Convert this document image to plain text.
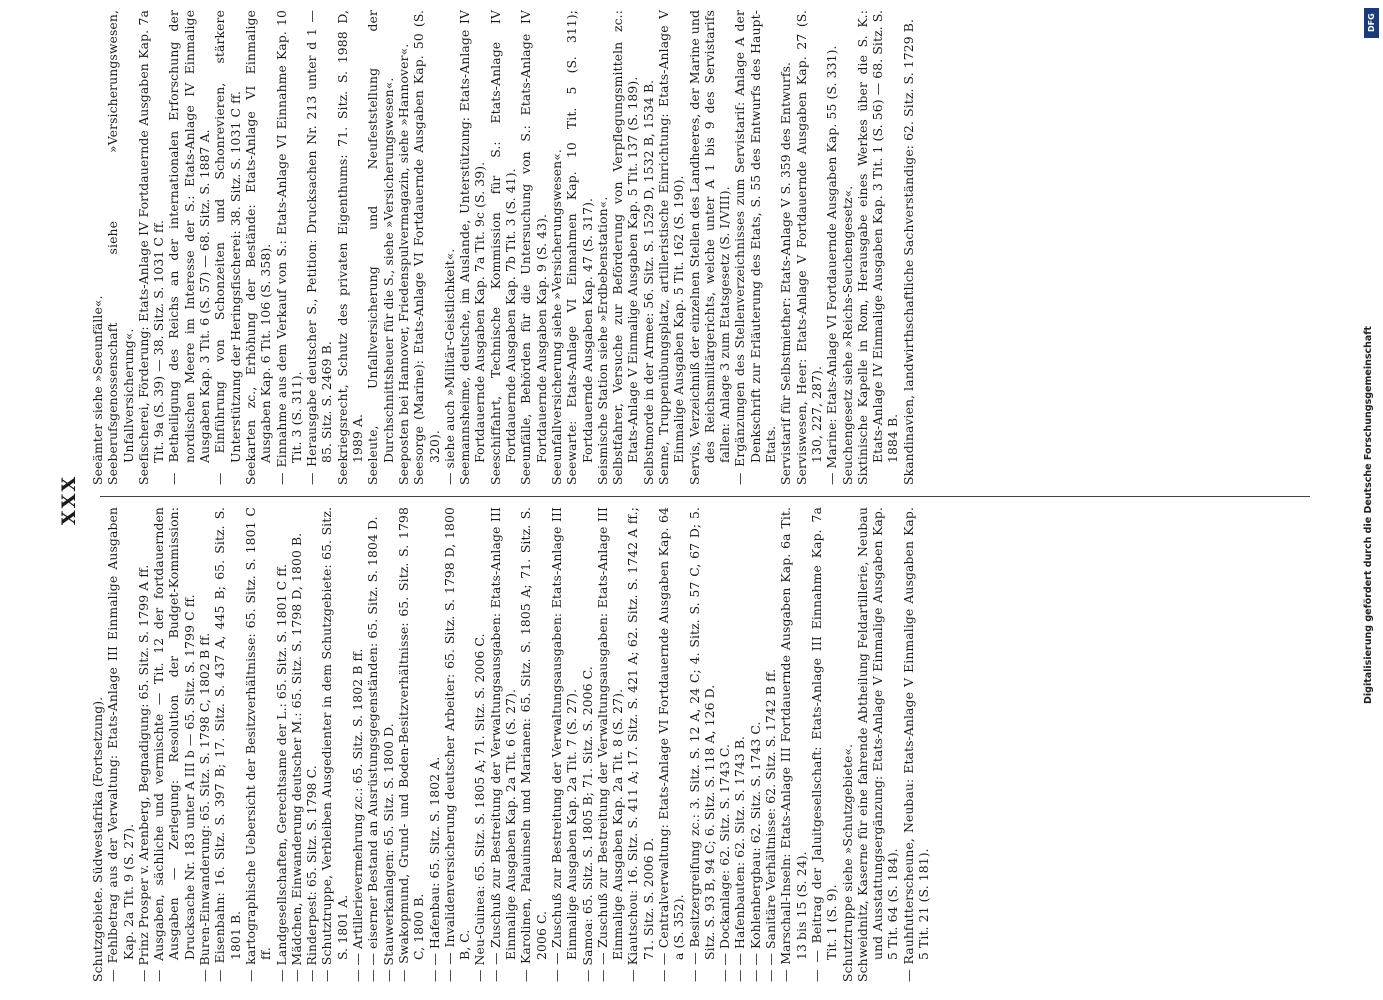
XXX

Schutzgebiete. Südwestafrika (Fortsetzung). — Fehlbetrag aus der Verwaltung: Etats-Anlage III Einmalige Ausgaben Kap. 2a Tit. 9 (S. 27). — Prinz Prosper v. Arenberg, Begnadigung: 65. Sitz. S. 1799 A ff. — Ausgaben, sächliche und vermischte — Tit. 12 der fortdauernden Ausgaben — Zerlegung: Resolution der Budget-Kommission: Drucksache Nr. 183 unter A III b — 65. Sitz. S. 1799 C ff. — Buren-Einwanderung: 65. Sitz. S. 1798 C, 1802 B ff. — Eisenbahn: 16. Sitz. S. 397 B; 17. Sitz. S. 437 A, 445 B; 65. Sitz. S. 1801 B. — kartographische Uebersicht der Besitzverhältnisse: 65. Sitz. S. 1801 C ff. — Landgesellschaften, Gerechtsame der L.: 65. Sitz. S. 1801 C ff. — Mädchen, Einwanderung deutscher M.: 65. Sitz. S. 1798 D, 1800 B. — Rinderpest: 65. Sitz. S. 1798 C. — Schutztruppe, Verbleiben Ausgedienter in dem Schutzgebiete: 65. Sitz. S. 1801 A. — — Artillerievermehrung zc.: 65. Sitz. S. 1802 B ff. — — eiserner Bestand an Ausrüstungsgegenständen: 65. Sitz. S. 1804 D. — Stauwerkanlagen: 65. Sitz. S. 1800 D. — Swakopmund, Grund- und Boden-Besitzverhältnisse: 65. Sitz. S. 1798 C, 1800 B. — — Hafenbau: 65. Sitz. S. 1802 A. — — Invalidenversicherung deutscher Arbeiter: 65. Sitz. S. 1798 D, 1800 B, C. — Neu-Guinea: 65. Sitz. S. 1805 A; 71. Sitz. S. 2006 C. — — Zuschuß zur Bestreitung der Verwaltungsausgaben: Etats-Anlage III Einmalige Ausgaben Kap. 2a Tit. 6 (S. 27). — Karolinen, Palauinseln und Marianen: 65. Sitz. S. 1805 A; 71. Sitz. S. 2006 C. — — Zuschuß zur Bestreitung der Verwaltungsausgaben: Etats-Anlage III Einmalige Ausgaben Kap. 2a Tit. 7 (S. 27). — Samoa: 65. Sitz. S. 1805 B; 71. Sitz. S. 2006 C. — — Zuschuß zur Bestreitung der Verwaltungsausgaben: Etats-Anlage III Einmalige Ausgaben Kap. 2a Tit. 8 (S. 27). — Kiautschou: 16. Sitz. S. 411 A; 17. Sitz. S. 421 A; 62. Sitz. S. 1742 A ff.; 71. Sitz. S. 2006 D. — — Centralverwaltung: Etats-Anlage VI Fortdauernde Ausgaben Kap. 64 a (S. 352). — — Besitzergreifung zc.: 3. Sitz. S. 12 A, 24 C; 4. Sitz. S. 57 C, 67 D; 5. Sitz. S. 93 B, 94 C; 6. Sitz. S. 118 A, 126 D. — — Dockanlage: 62. Sitz. S. 1743 C. — — Hafenbauten: 62. Sitz. S. 1743 B. — — Kohlenbergbau: 62. Sitz. S. 1743 C. — — Sanitäre Verhältnisse: 62. Sitz. S. 1742 B ff. — Marschall-Inseln: Etats-Anlage III Fortdauernde Ausgaben Kap. 6a Tit. 13 bis 15 (S. 24). — — Beitrag der Jaluitgesellschaft: Etats-Anlage III Einnahme Kap. 7a Tit. 1 (S. 9). Schutztruppe siehe »Schutzgebiete«. Schweidnitz, Kaserne für eine fahrende Abtheilung Feldartillerie, Neubau und Ausstattungsergänzung: Etats-Anlage V Einmalige Ausgaben Kap. 5 Tit. 64 (S. 184). — Rauhfutterscheune, Neubau: Etats-Anlage V Einmalige Ausgaben Kap. 5 Tit. 21 (S. 181).

Seeämter siehe »Seeunfälle«. Seeberufsgenossenschaft siehe »Versicherungswesen, Unfallversicherung«. Seefischerei, Förderung: Etats-Anlage IV Fortdauernde Ausgaben Kap. 7a Tit. 9a (S. 39) — 38. Sitz. S. 1031 C ff. — Betheiligung des Reichs an der internationalen Erforschung der nordischen Meere im Interesse der S.: Etats-Anlage IV Einmalige Ausgaben Kap. 3 Tit. 6 (S. 57) — 68. Sitz. S. 1887 A. — Einführung von Schonzeiten und Schonrevieren, stärkere Unterstützung der Heringsfischerei: 38. Sitz. S. 1031 C ff. Seekarten zc., Erhöhung der Bestände: Etats-Anlage VI Einmalige Ausgaben Kap. 6 Tit. 106 (S. 358). — Einnahme aus dem Verkauf von S.: Etats-Anlage VI Einnahme Kap. 10 Tit. 3 (S. 311). — Herausgabe deutscher S., Petition: Drucksachen Nr. 213 unter d 1 — 85. Sitz. S. 2469 B. Seekriegsrecht, Schutz des privaten Eigenthums: 71. Sitz. S. 1988 D, 1989 A. Seeleute, Unfallversicherung und Neufeststellung der Durchschnittsheuer für die S., siehe »Versicherungswesen«. Seeposten bei Hannover, Friedenspulvermagazin, siehe »Hannover«. Seesorge (Marine): Etats-Anlage VI Fortdauernde Ausgaben Kap. 50 (S. 320). — siehe auch »Militär-Geistlichkeit«. Seemannsheime, deutsche, im Auslande, Unterstützung: Etats-Anlage IV Fortdauernde Ausgaben Kap. 7a Tit. 9c (S. 39). Seeschiffahrt, Technische Kommission für S.: Etats-Anlage IV Fortdauernde Ausgaben Kap. 7b Tit. 3 (S. 41). Seeunfälle, Behörden für die Untersuchung von S.: Etats-Anlage IV Fortdauernde Ausgaben Kap. 9 (S. 43). Seeunfallversicherung siehe »Versicherungswesen«. Seewarte: Etats-Anlage VI Einnahmen Kap. 10 Tit. 5 (S. 311); Fortdauernde Ausgaben Kap. 47 (S. 317). Seismische Station siehe »Erdbebenstation«. Selbstfahrer, Versuche zur Beförderung von Verpflegungsmitteln zc.: Etats-Anlage V Einmalige Ausgaben Kap. 5 Tit. 137 (S. 189). Selbstmorde in der Armee: 56. Sitz. S. 1529 D, 1532 B, 1534 B. Senne, Truppenübungsplatz, artilleristische Einrichtung: Etats-Anlage V Einmalige Ausgaben Kap. 5 Tit. 162 (S. 190). Servis, Verzeichniß der einzelnen Stellen des Landheeres, der Marine und des Reichsmilitärgerichts, welche unter A 1 bis 9 des Servistarifs fallen: Anlage 3 zum Etatsgesetz (S. I/VIII). — Ergänzungen des Stellenverzeichnisses zum Servistarif: Anlage A der Denkschrift zur Erläuterung des Etats, S. 55 des Entwurfs des Haupt-Etats. Servistarif für Selbstmiether: Etats-Anlage V S. 359 des Entwurfs. Serviswesen, Heer: Etats-Anlage V Fortdauernde Ausgaben Kap. 27 (S. 130, 227, 287). — Marine: Etats-Anlage VI Fortdauernde Ausgaben Kap. 55 (S. 331). Seuchengesetz siehe »Reichs-Seuchengesetz«. Sixtinische Kapelle in Rom, Herausgabe eines Werkes über die S. K.: Etats-Anlage IV Einmalige Ausgaben Kap. 3 Tit. 1 (S. 56) — 68. Sitz. S. 1884 B. Skandinavien, landwirthschaftliche Sachverständige: 62. Sitz. S. 1729 B.	DFG
Digitalisierung gefördert durch die Deutsche Forschungsgemeinschaft
